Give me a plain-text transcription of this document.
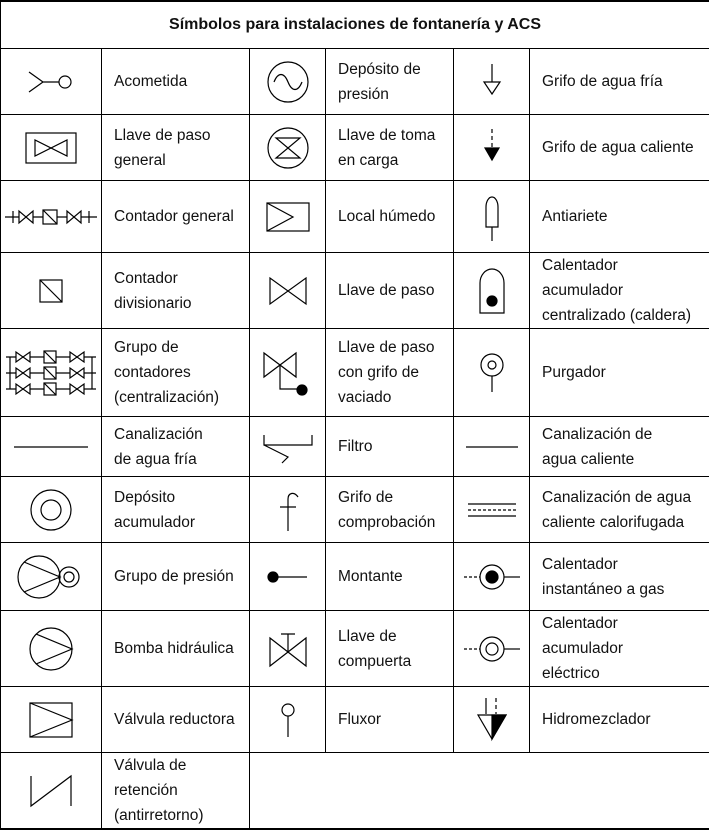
Símbolos para instalaciones de fontanería y ACS					

	Acometida		Depósito de
presión		Grifo de agua fría

	Llave de paso
general		Llave de toma
en carga		Grifo de agua caliente

	Contador general		Local húmedo		Antiariete

	Contador
divisionario		Llave de paso		Calentador acumulador
centralizado (caldera)

	Grupo de
contadores
(centralización)		Llave de paso
con grifo de
vaciado		Purgador

	Canalización
de agua fría		Filtro		Canalización de
agua caliente

	Depósito
acumulador		Grifo de
comprobación		Canalización de agua
caliente calorifugada

	Grupo de presión		Montante		Calentador
instantáneo a gas

	Bomba hidráulica		Llave de
compuerta		Calentador acumulador
eléctrico

	Válvula reductora		Fluxor		Hidromezclador

	Válvula de retención
(antirretorno)				
